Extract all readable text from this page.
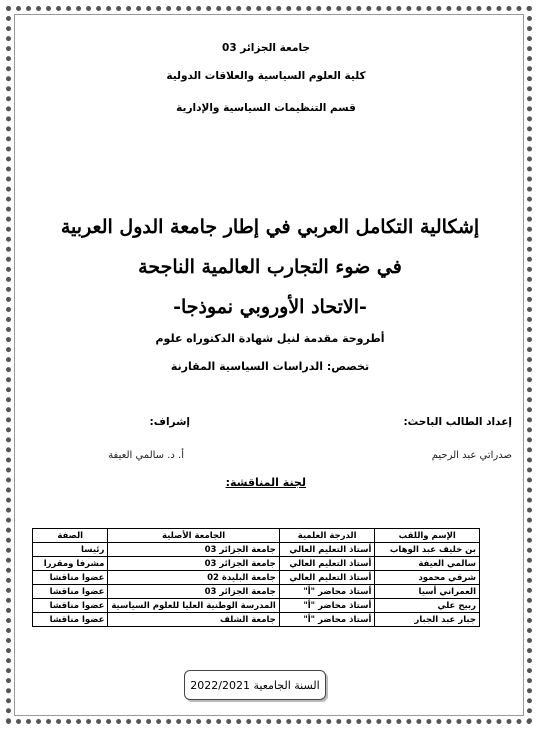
جامعة الجزائر 03
كلية العلوم السياسية والعلاقات الدولية
قسم التنظيمات السياسية والإدارية
إشكالية التكامل العربي في إطار جامعة الدول العربية
في ضوء التجارب العالمية الناجحة
-الاتحاد الأوروبي نموذجا-
أطروحة مقدمة لنيل شهادة الدكتوراه علوم
تخصص: الدراسات السياسية المقارنة
إعداد الطالب الباحث:
صدراتي عبد الرحيم
إشراف:
أ. د. سالمي العيفة
لجنة المناقشة:
الإسم واللقب	الدرجة العلمية	الجامعة الأصلية	الصفة
بن خليف عبد الوهاب	أستاذ التعليم العالي	جامعة الجزائر 03	رئيسا
سالمي العيفة	أستاذ التعليم العالي	جامعة الجزائر 03	مشرفا ومقررا
شرقي محمود	أستاذ التعليم العالي	جامعة البليدة 02	عضوا مناقشا
العمراني أسيا	أستاذ محاضر "أ"	جامعة الجزائر 03	عضوا مناقشا
ربيح علي	أستاذ محاضر "أ"	المدرسة الوطنية العليا للعلوم السياسية	عضوا مناقشا
جبار عبد الجبار	أستاذ محاضر "أ"	جامعة الشلف	عضوا مناقشا
السنة الجامعية 2022/2021
